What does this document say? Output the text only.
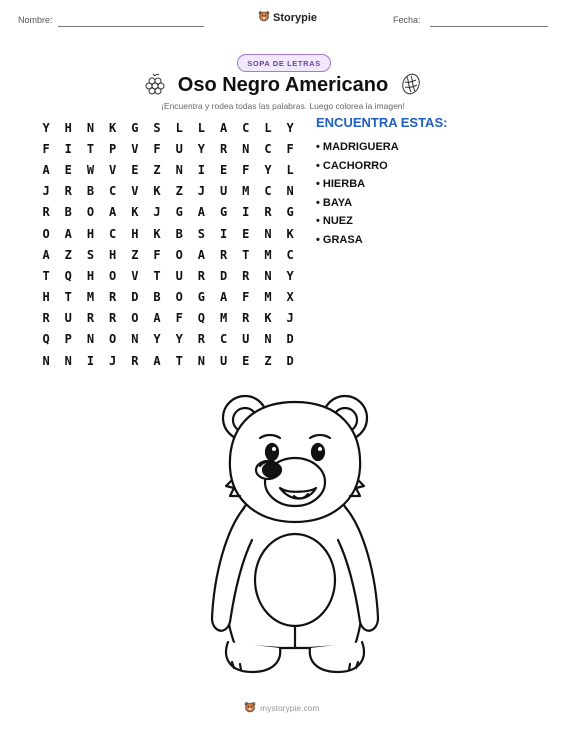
Nombre:	Storypie	Fecha:
SOPA DE LETRAS
Oso Negro Americano
¡Encuentra y rodea todas las palabras. Luego colorea la imagen!
Y	H	N	K	G	S	L	L	A	C	L	Y
F	I	T	P	V	F	U	Y	R	N	C	F
A	E	W	V	E	Z	N	I	E	F	Y	L
J	R	B	C	V	K	Z	J	U	M	C	N
R	B	O	A	K	J	G	A	G	I	R	G
O	A	H	C	H	K	B	S	I	E	N	K
A	Z	S	H	Z	F	O	A	R	T	M	C
T	Q	H	O	V	T	U	R	D	R	N	Y
H	T	M	R	D	B	O	G	A	F	M	X
R	U	R	R	O	A	F	Q	M	R	K	J
Q	P	N	O	N	Y	Y	R	C	U	N	D
N	N	I	J	R	A	T	N	U	E	Z	D
ENCUENTRA ESTAS:
• MADRIGUERA
• CACHORRO
• HIERBA
• BAYA
• NUEZ
• GRASA
mystorypie.com
